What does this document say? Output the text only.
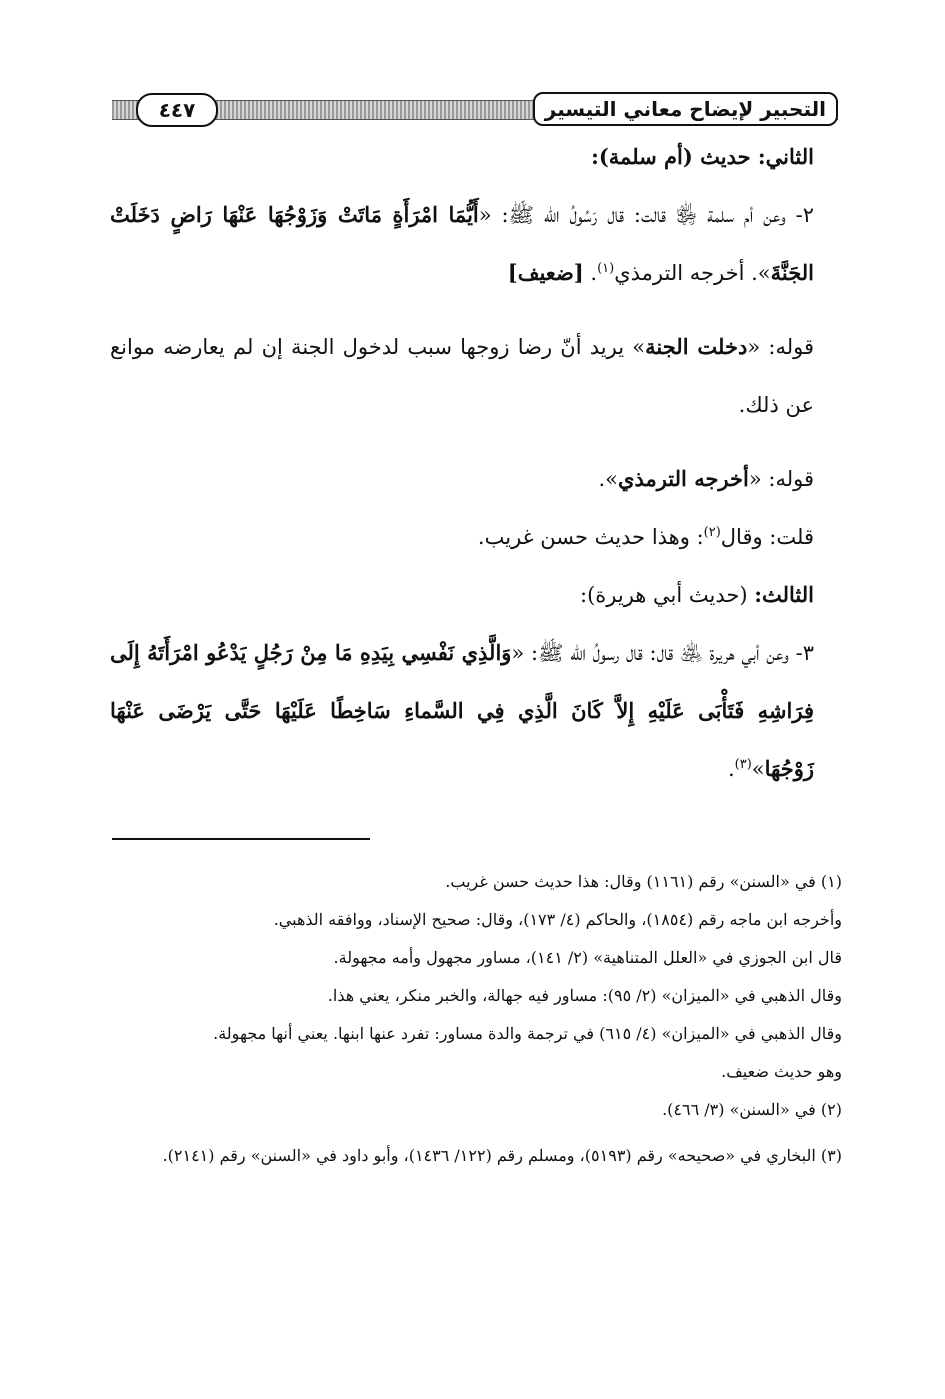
التحبير لإيضاح معاني التيسير
٤٤٧

الثاني: حديث (أم سلمة):

٢- وعن أم سلمة ﵂ قالت: قال رَسُولُ الله ﷺ: «أَيُّمَا امْرَأَةٍ مَاتَتْ وَزَوْجُهَا عَنْهَا رَاضٍ دَخَلَتْ الجَنَّةَ». أخرجه الترمذي$^{(١)}$. [ضعيف]

قوله: «دخلت الجنة» يريد أنّ رضا زوجها سبب لدخول الجنة إن لم يعارضه موانع عن ذلك.

قوله: «أخرجه الترمذي».

قلت: وقال$^{(٢)}$: وهذا حديث حسن غريب.

الثالث: (حديث أبي هريرة):

٣- وعن أبي هريرة ﵁ قال: قال رسولُ الله ﷺ: «وَالَّذِي نَفْسِي بِيَدِهِ مَا مِنْ رَجُلٍ يَدْعُو امْرَأَتَهُ إِلَى فِرَاشِهِ فَتَأْبَى عَلَيْهِ إِلاَّ كَانَ الَّذِي فِي السَّماءِ سَاخِطًا عَلَيْهَا حَتَّى يَرْضَى عَنْهَا زَوْجُهَا»$^{(٣)}$.

(١) في «السنن» رقم (١١٦١) وقال: هذا حديث حسن غريب.

وأخرجه ابن ماجه رقم (١٨٥٤)، والحاكم (٤/ ١٧٣)، وقال: صحيح الإسناد، ووافقه الذهبي.

قال ابن الجوزي في «العلل المتناهية» (٢/ ١٤١)، مساور مجهول وأمه مجهولة.

وقال الذهبي في «الميزان» (٢/ ٩٥): مساور فيه جهالة، والخبر منكر، يعني هذا.

وقال الذهبي في «الميزان» (٤/ ٦١٥) في ترجمة والدة مساور: تفرد عنها ابنها. يعني أنها مجهولة.

وهو حديث ضعيف.

(٢) في «السنن» (٣/ ٤٦٦).

(٣) البخاري في «صحيحه» رقم (٥١٩٣)، ومسلم رقم (١٢٢/ ١٤٣٦)، وأبو داود في «السنن» رقم (٢١٤١).
